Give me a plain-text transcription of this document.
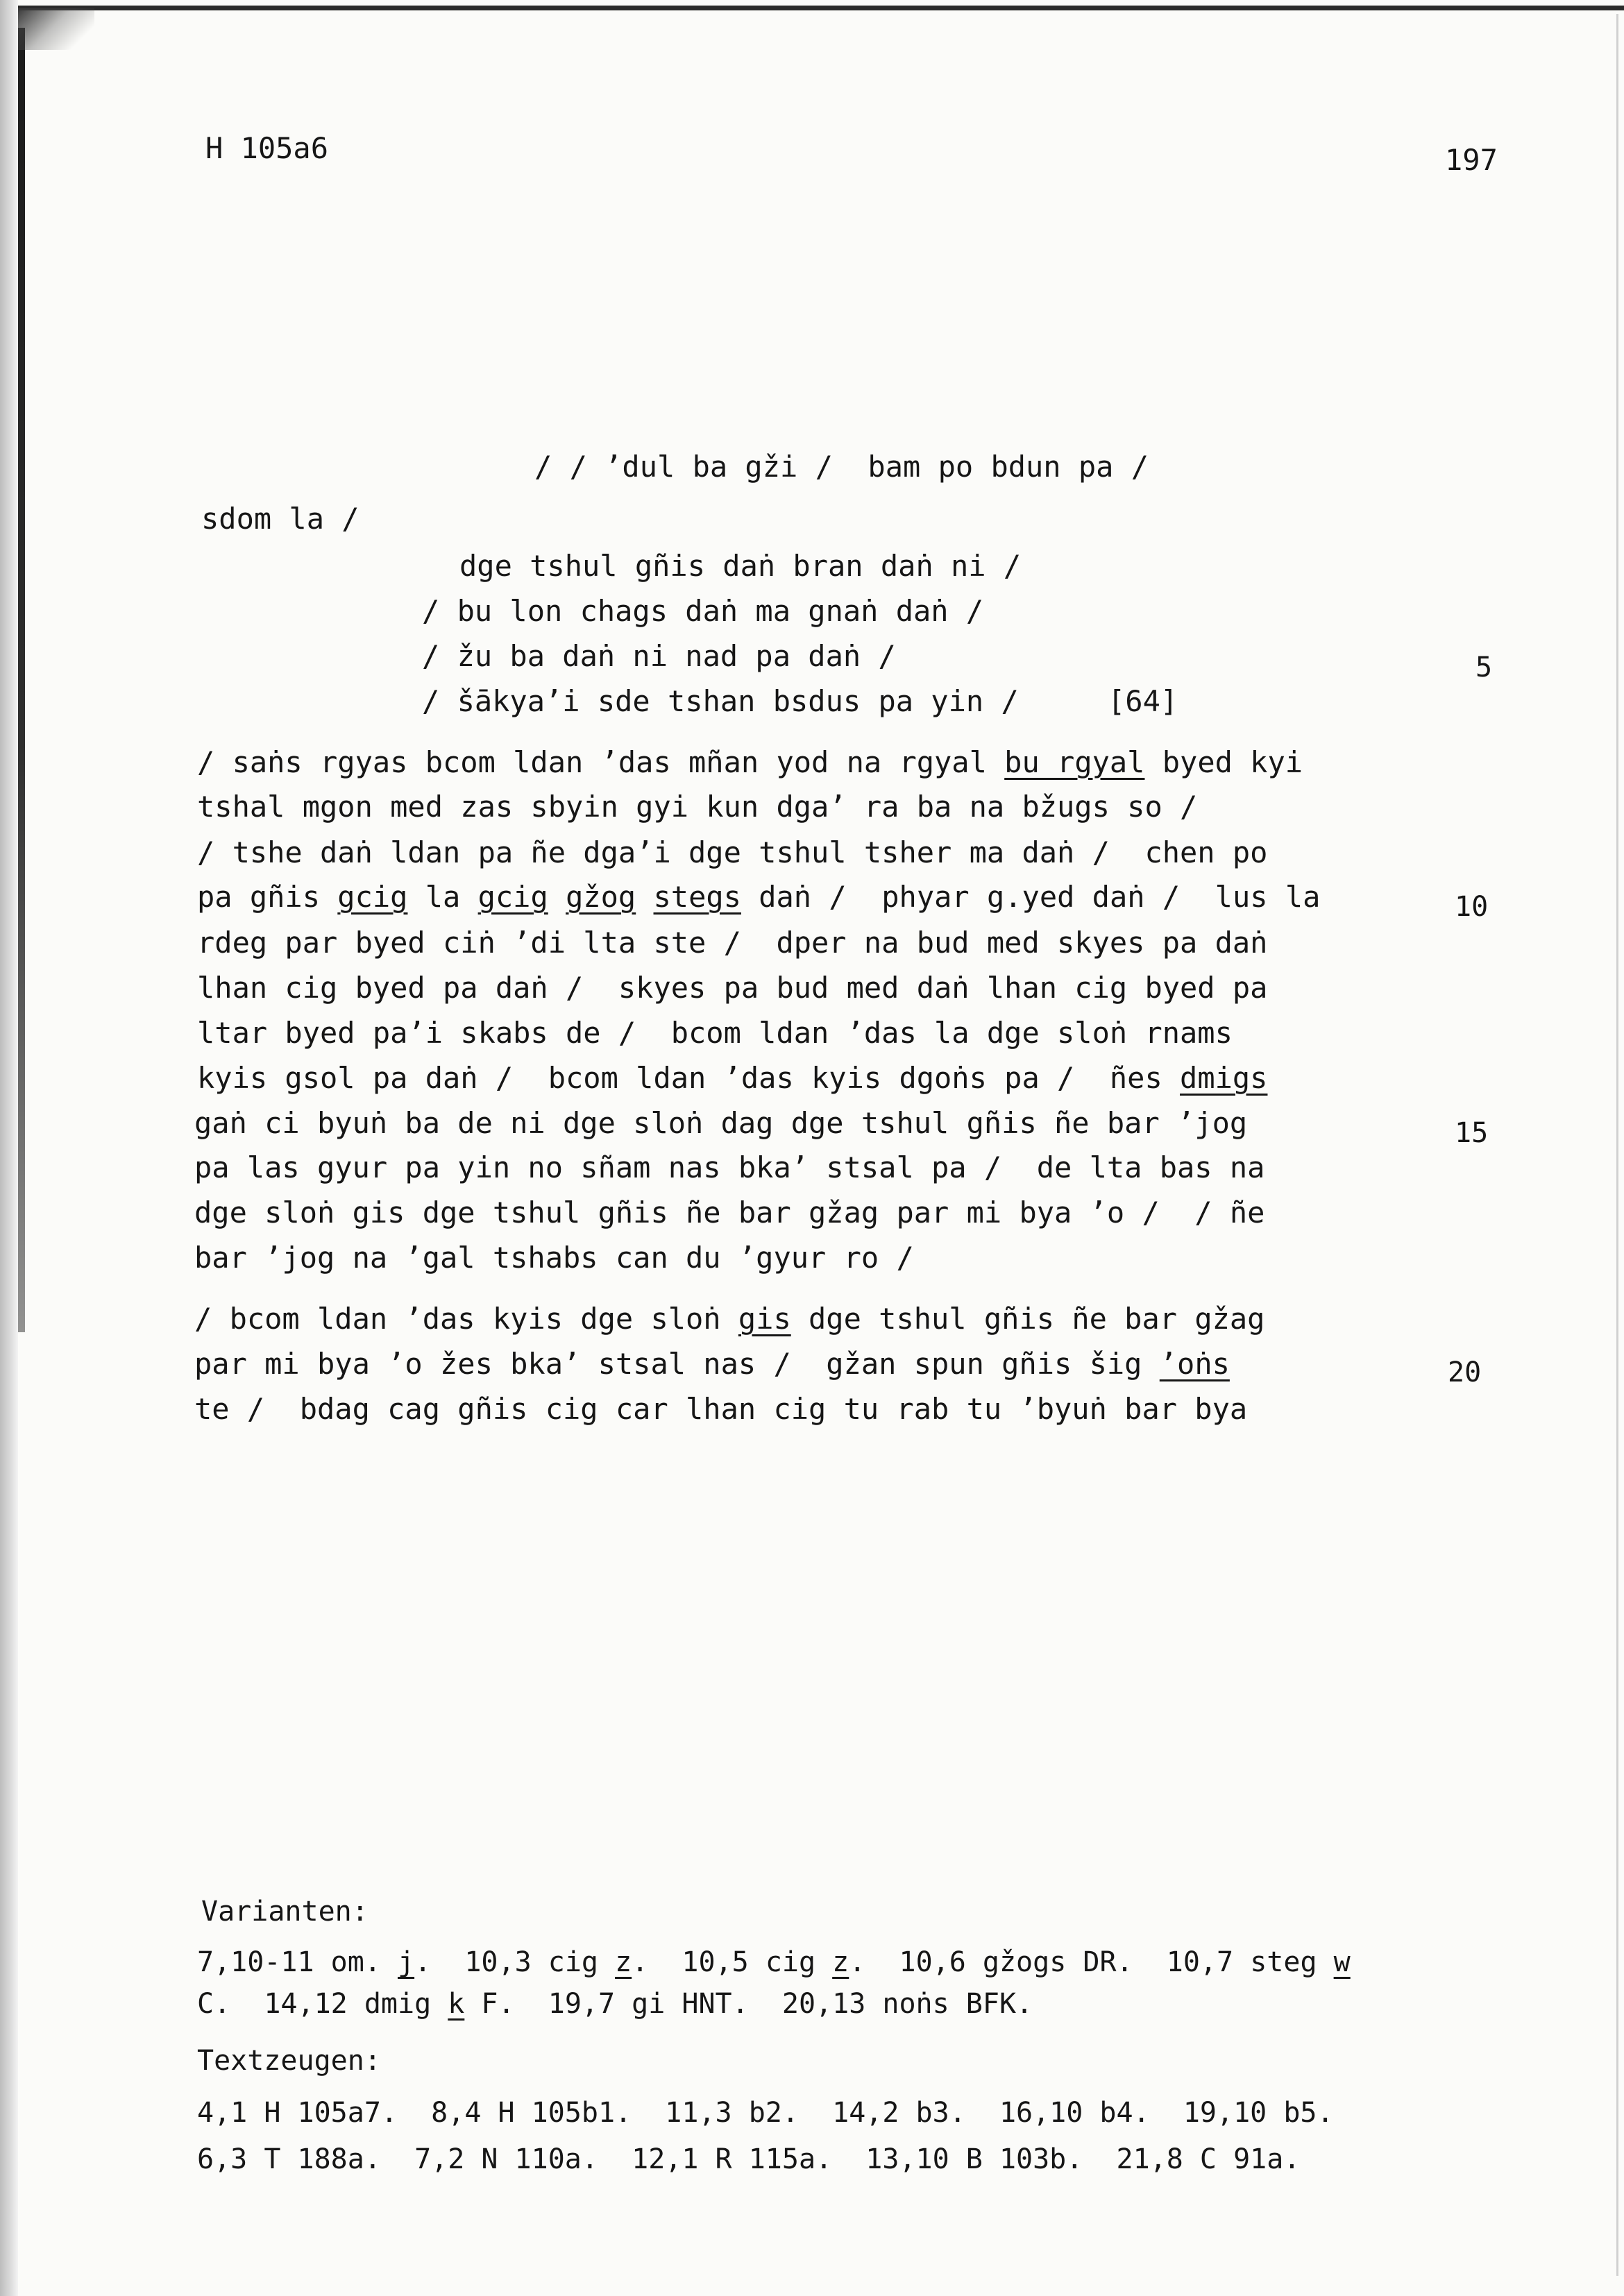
H 105a6	197
/ / ’dul ba gži /  bam po bdun pa /
sdom la /
dge tshul gñis daṅ bran daṅ ni /
/ bu lon chags daṅ ma gnaṅ daṅ /
/ žu ba daṅ ni nad pa daṅ /
/ šākya’i sde tshan bsdus pa yin /	[64]
5
10
15
20
/ saṅs rgyas bcom ldan ’das mñan yod na rgyal bu rgyal byed kyi
tshal mgon med zas sbyin gyi kun dga’ ra ba na bžugs so /
/ tshe daṅ ldan pa ñe dga’i dge tshul tsher ma daṅ /  chen po
pa gñis gcig la gcig gžog stegs daṅ /  phyar g.yed daṅ /  lus la
rdeg par byed ciṅ ’di lta ste /  dper na bud med skyes pa daṅ
lhan cig byed pa daṅ /  skyes pa bud med daṅ lhan cig byed pa
ltar byed pa’i skabs de /  bcom ldan ’das la dge sloṅ rnams
kyis gsol pa daṅ /  bcom ldan ’das kyis dgoṅs pa /  ñes dmigs
gaṅ ci byuṅ ba de ni dge sloṅ dag dge tshul gñis ñe bar ’jog
pa las gyur pa yin no sñam nas bka’ stsal pa /  de lta bas na
dge sloṅ gis dge tshul gñis ñe bar gžag par mi bya ’o /  / ñe
bar ’jog na ’gal tshabs can du ’gyur ro /
/ bcom ldan ’das kyis dge sloṅ gis dge tshul gñis ñe bar gžag
par mi bya ’o žes bka’ stsal nas /  gžan spun gñis šig ’oṅs
te /  bdag cag gñis cig car lhan cig tu rab tu ’byuṅ bar bya
Varianten:
7,10-11 om. j.  10,3 cig z.  10,5 cig z.  10,6 gžogs DR.  10,7 steg w
C.  14,12 dmig k F.  19,7 gi HNT.  20,13 noṅs BFK.
Textzeugen:
4,1 H 105a7.  8,4 H 105b1.  11,3 b2.  14,2 b3.  16,10 b4.  19,10 b5.
6,3 T 188a.  7,2 N 110a.  12,1 R 115a.  13,10 B 103b.  21,8 C 91a.
